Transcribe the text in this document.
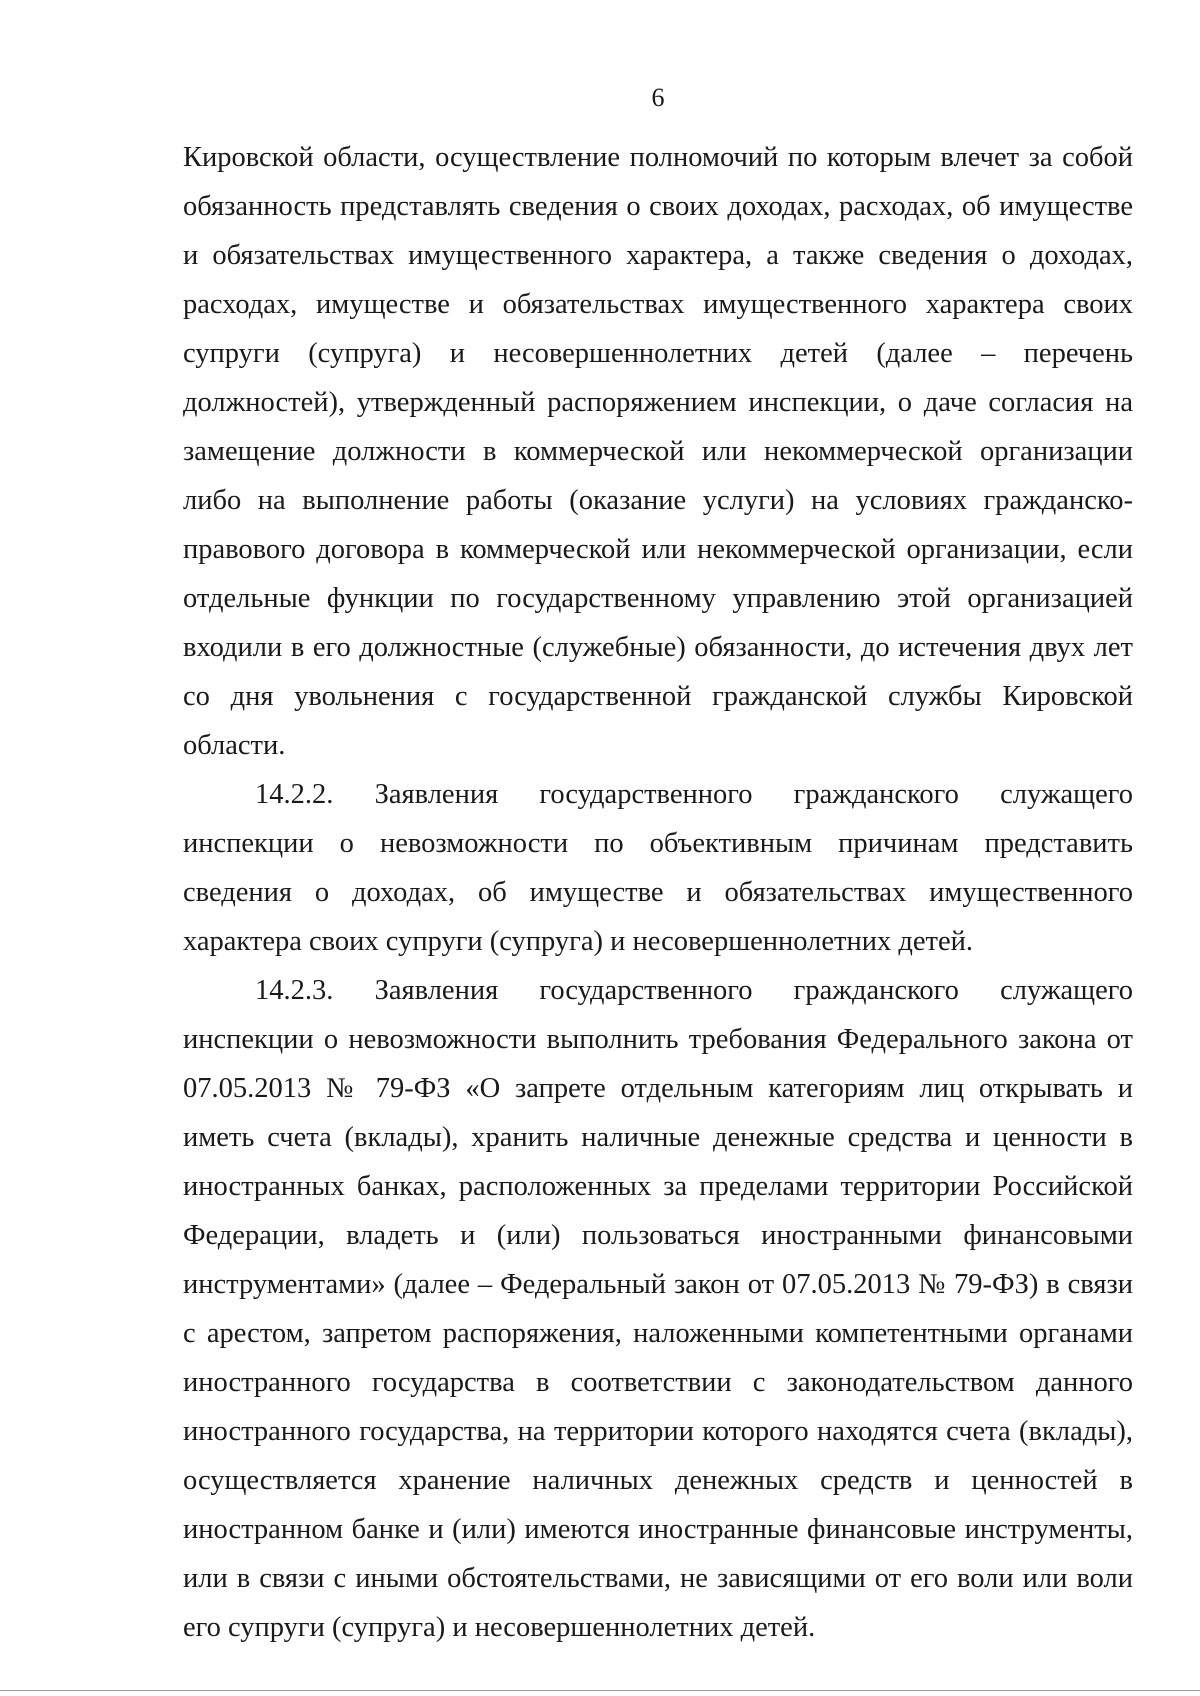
6

Кировской области, осуществление полномочий по которым влечет за собой обязанность представлять сведения о своих доходах, расходах, об имуществе и обязательствах имущественного характера, а также сведения о доходах, расходах, имуществе и обязательствах имущественного характера своих супруги (супруга) и несовершеннолетних детей (далее – перечень должностей), утвержденный распоряжением инспекции, о даче согласия на замещение должности в коммерческой или некоммерческой организации либо на выполнение работы (оказание услуги) на условиях гражданско-правового договора в коммерческой или некоммерческой организации, если отдельные функции по государственному управлению этой организацией входили в его должностные (служебные) обязанности, до истечения двух лет со дня увольнения с государственной гражданской службы Кировской области.

14.2.2. Заявления государственного гражданского служащего инспекции о невозможности по объективным причинам представить сведения о доходах, об имуществе и обязательствах имущественного характера своих супруги (супруга) и несовершеннолетних детей.

14.2.3. Заявления государственного гражданского служащего инспекции о невозможности выполнить требования Федерального закона от 07.05.2013 № 79-ФЗ «О запрете отдельным категориям лиц открывать и иметь счета (вклады), хранить наличные денежные средства и ценности в иностранных банках, расположенных за пределами территории Российской Федерации, владеть и (или) пользоваться иностранными финансовыми инструментами» (далее – Федеральный закон от 07.05.2013 № 79-ФЗ) в связи с арестом, запретом распоряжения, наложенными компетентными органами иностранного государства в соответствии с законодательством данного иностранного государства, на территории которого находятся счета (вклады), осуществляется хранение наличных денежных средств и ценностей в иностранном банке и (или) имеются иностранные финансовые инструменты, или в связи с иными обстоятельствами, не зависящими от его воли или воли его супруги (супруга) и несовершеннолетних детей.
